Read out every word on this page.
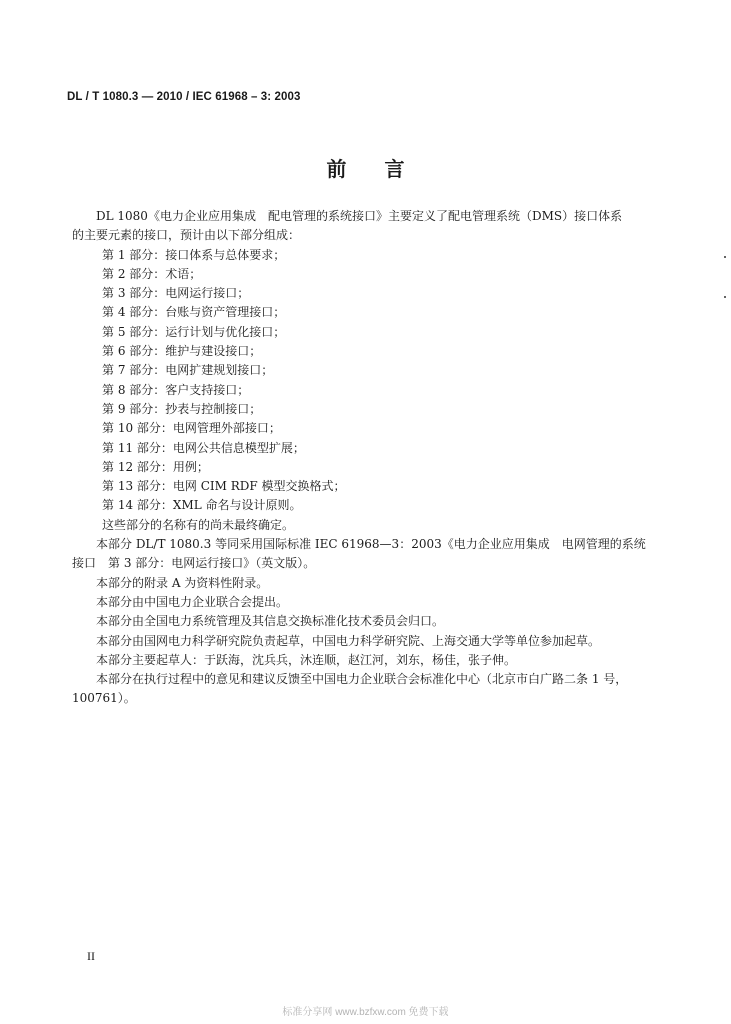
DL / T 1080.3 — 2010 / IEC 61968 – 3: 2003
前言

DL 1080《电力企业应用集成　配电管理的系统接口》主要定义了配电管理系统（DMS）接口体系

的主要元素的接口，预计由以下部分组成：

第 1 部分：接口体系与总体要求；

第 2 部分：术语；

第 3 部分：电网运行接口；

第 4 部分：台账与资产管理接口；

第 5 部分：运行计划与优化接口；

第 6 部分：维护与建设接口；

第 7 部分：电网扩建规划接口；

第 8 部分：客户支持接口；

第 9 部分：抄表与控制接口；

第 10 部分：电网管理外部接口；

第 11 部分：电网公共信息模型扩展；

第 12 部分：用例；

第 13 部分：电网 CIM RDF 模型交换格式；

第 14 部分：XML 命名与设计原则。

这些部分的名称有的尚未最终确定。

本部分 DL/T 1080.3 等同采用国际标准 IEC 61968—3：2003《电力企业应用集成　电网管理的系统

接口　第 3 部分：电网运行接口》（英文版）。

本部分的附录 A 为资料性附录。

本部分由中国电力企业联合会提出。

本部分由全国电力系统管理及其信息交换标准化技术委员会归口。

本部分由国网电力科学研究院负责起草，中国电力科学研究院、上海交通大学等单位参加起草。

本部分主要起草人：于跃海，沈兵兵，沐连顺，赵江河，刘东，杨佳，张子伸。

本部分在执行过程中的意见和建议反馈至中国电力企业联合会标准化中心（北京市白广路二条 1 号，

100761）。

II
标准分享网 www.bzfxw.com 免费下载
